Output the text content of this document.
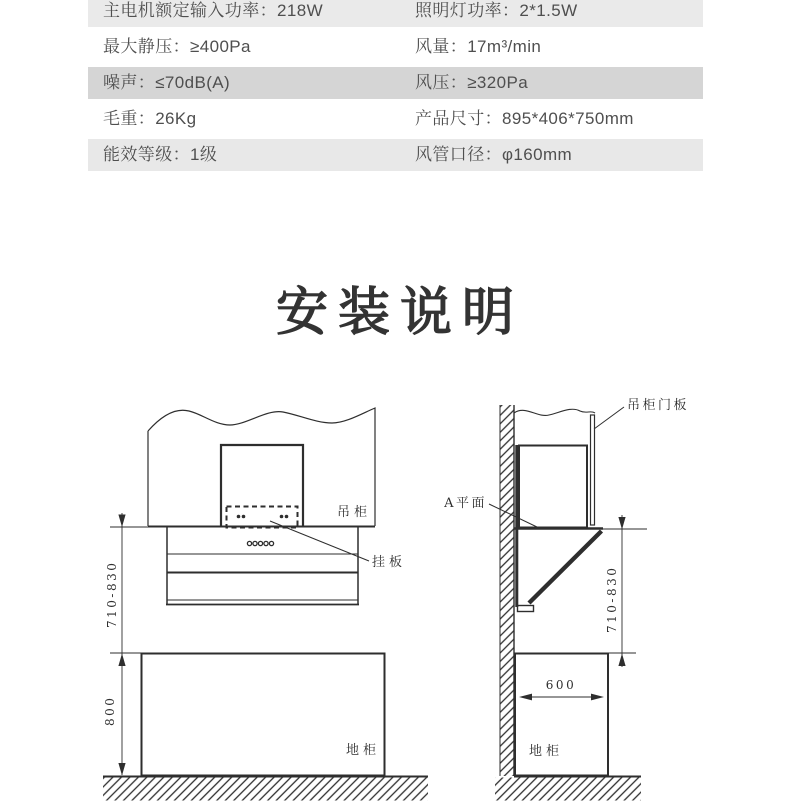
主电机额定输入功率：218W	照明灯功率：2*1.5W
最大静压：≥400Pa	风量：17m³/min
噪声：≤70dB(A)	风压：≥320Pa
毛重：26Kg	产品尺寸：895*406*750mm
能效等级：1级	风管口径：φ160mm
安装说明
吊柜
挂板
710-830
800
地柜
吊柜门板
A平面
710-830
600
地柜
